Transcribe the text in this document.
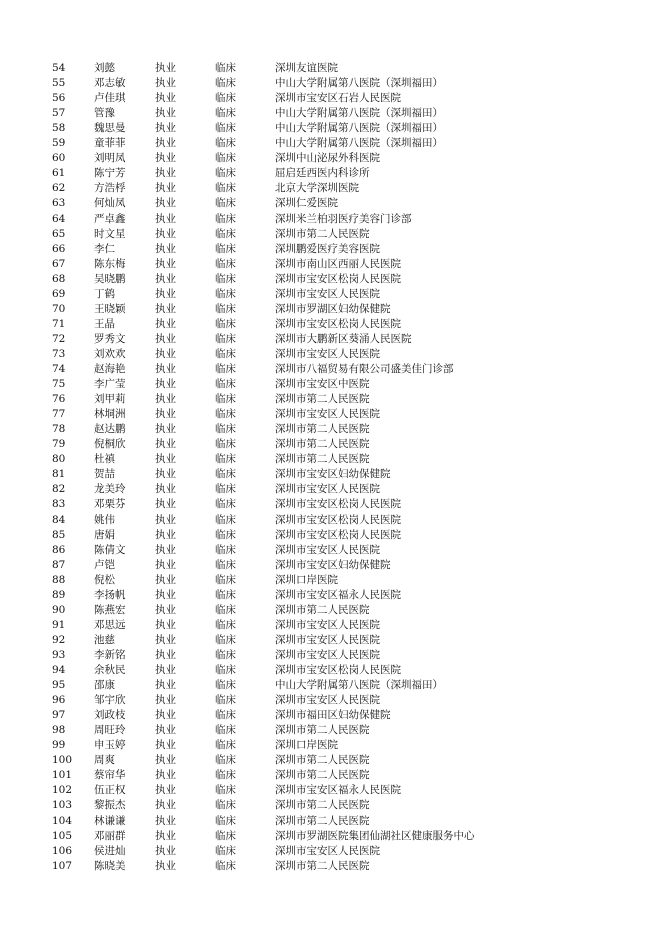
54	刘懿	执业	临床	深圳友谊医院
55	邓志敏	执业	临床	中山大学附属第八医院（深圳福田）
56	卢佳琪	执业	临床	深圳市宝安区石岩人民医院
57	管豫	执业	临床	中山大学附属第八医院（深圳福田）
58	魏思曼	执业	临床	中山大学附属第八医院（深圳福田）
59	童菲菲	执业	临床	中山大学附属第八医院（深圳福田）
60	刘明凤	执业	临床	深圳中山泌尿外科医院
61	陈宁芳	执业	临床	屈启廷西医内科诊所
62	方浩桴	执业	临床	北京大学深圳医院
63	何灿凤	执业	临床	深圳仁爱医院
64	严卓鑫	执业	临床	深圳米兰柏羽医疗美容门诊部
65	时文星	执业	临床	深圳市第二人民医院
66	李仁	执业	临床	深圳鹏爱医疗美容医院
67	陈东梅	执业	临床	深圳市南山区西丽人民医院
68	吴晓鹏	执业	临床	深圳市宝安区松岗人民医院
69	丁鹤	执业	临床	深圳市宝安区人民医院
70	王晓颖	执业	临床	深圳市罗湖区妇幼保健院
71	王晶	执业	临床	深圳市宝安区松岗人民医院
72	罗秀文	执业	临床	深圳市大鹏新区葵涌人民医院
73	刘欢欢	执业	临床	深圳市宝安区人民医院
74	赵海艳	执业	临床	深圳市八福贸易有限公司盛美佳门诊部
75	李广莹	执业	临床	深圳市宝安区中医院
76	刘甲莉	执业	临床	深圳市第二人民医院
77	林垌洲	执业	临床	深圳市宝安区人民医院
78	赵达鹏	执业	临床	深圳市第二人民医院
79	倪桐欣	执业	临床	深圳市第二人民医院
80	杜禛	执业	临床	深圳市第二人民医院
81	贺喆	执业	临床	深圳市宝安区妇幼保健院
82	龙美玲	执业	临床	深圳市宝安区人民医院
83	邓栗芬	执业	临床	深圳市宝安区松岗人民医院
84	姚伟	执业	临床	深圳市宝安区松岗人民医院
85	唐娟	执业	临床	深圳市宝安区松岗人民医院
86	陈倩文	执业	临床	深圳市宝安区人民医院
87	卢铠	执业	临床	深圳市宝安区妇幼保健院
88	倪松	执业	临床	深圳口岸医院
89	李扬帆	执业	临床	深圳市宝安区福永人民医院
90	陈燕宏	执业	临床	深圳市第二人民医院
91	邓思远	执业	临床	深圳市宝安区人民医院
92	池慈	执业	临床	深圳市宝安区人民医院
93	李新铭	执业	临床	深圳市宝安区人民医院
94	余秋民	执业	临床	深圳市宝安区松岗人民医院
95	邵康	执业	临床	中山大学附属第八医院（深圳福田）
96	邹宇欣	执业	临床	深圳市宝安区人民医院
97	刘政枝	执业	临床	深圳市福田区妇幼保健院
98	周旺玲	执业	临床	深圳市第二人民医院
99	申玉婷	执业	临床	深圳口岸医院
100	周爽	执业	临床	深圳市第二人民医院
101	蔡帘华	执业	临床	深圳市第二人民医院
102	伍正权	执业	临床	深圳市宝安区福永人民医院
103	黎振杰	执业	临床	深圳市第二人民医院
104	林谦谦	执业	临床	深圳市第二人民医院
105	邓丽群	执业	临床	深圳市罗湖医院集团仙湖社区健康服务中心
106	侯进灿	执业	临床	深圳市宝安区人民医院
107	陈晓美	执业	临床	深圳市第二人民医院
